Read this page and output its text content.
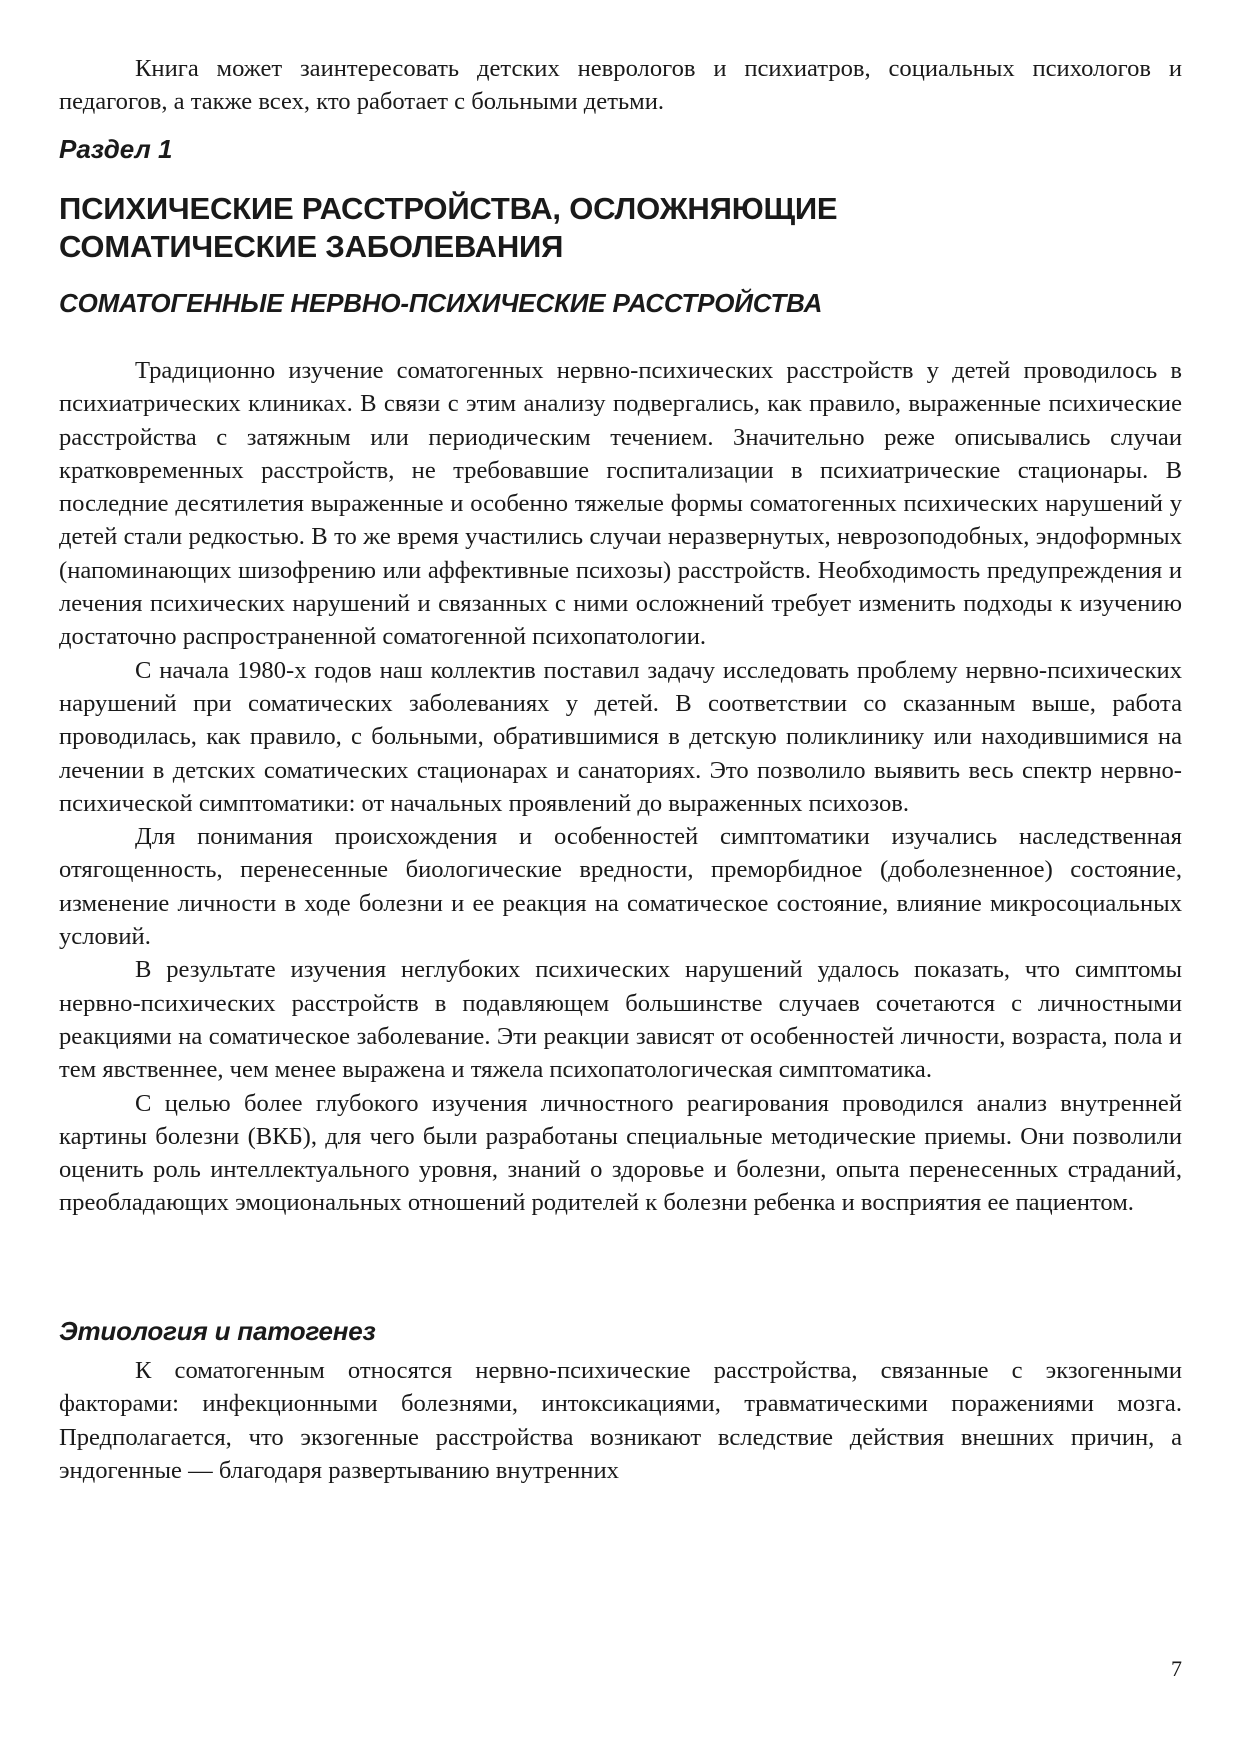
Книга может заинтересовать детских неврологов и психиатров, социальных психологов и педагогов, а также всех, кто работает с больными детьми.

Раздел 1

ПСИХИЧЕСКИЕ РАССТРОЙСТВА, ОСЛОЖНЯЮЩИЕ

СОМАТИЧЕСКИЕ ЗАБОЛЕВАНИЯ

СОМАТОГЕННЫЕ НЕРВНО-ПСИХИЧЕСКИЕ РАССТРОЙСТВА

Традиционно изучение соматогенных нервно-психических расстройств у детей проводилось в психиатрических клиниках. В связи с этим анализу подвергались, как правило, выраженные психические расстройства с затяжным или периодическим течением. Значительно реже описывались случаи кратковременных расстройств, не требовавшие госпитализации в психиатрические стационары. В последние десятилетия выраженные и особенно тяжелые формы соматогенных психических нарушений у детей стали редкостью. В то же время участились случаи неразвернутых, неврозоподобных, эндоформных (напоминающих шизофрению или аффективные психозы) расстройств. Необходимость предупреждения и лечения психических нарушений и связанных с ними осложнений требует изменить подходы к изучению достаточно распространенной соматогенной психопатологии.

С начала 1980-х годов наш коллектив поставил задачу исследовать проблему нервно-психических нарушений при соматических заболеваниях у детей. В соответствии со сказанным выше, работа проводилась, как правило, с больными, обратившимися в детскую поликлинику или находившимися на лечении в детских соматических стационарах и санаториях. Это позволило выявить весь спектр нервно-психической симптоматики: от начальных проявлений до выраженных психозов.

Для понимания происхождения и особенностей симптоматики изучались наследственная отягощенность, перенесенные биологические вредности, преморбидное (доболезненное) состояние, изменение личности в ходе болезни и ее реакция на соматическое состояние, влияние микросоциальных условий.

В результате изучения неглубоких психических нарушений удалось показать, что симптомы нервно-психических расстройств в подавляющем большинстве случаев сочетаются с личностными реакциями на соматическое заболевание. Эти реакции зависят от особенностей личности, возраста, пола и тем явственнее, чем менее выражена и тяжела психопатологическая симптоматика.

С целью более глубокого изучения личностного реагирования проводился анализ внутренней картины болезни (ВКБ), для чего были разработаны специальные методические приемы. Они позволили оценить роль интеллектуального уровня, знаний о здоровье и болезни, опыта перенесенных страданий, преобладающих эмоциональных отношений родителей к болезни ребенка и восприятия ее пациентом.

Этиология и патогенез

К соматогенным относятся нервно-психические расстройства, связанные с экзогенными факторами: инфекционными болезнями, интоксикациями, травматическими поражениями мозга. Предполагается, что экзогенные расстройства возникают вследствие действия внешних причин, а эндогенные — благодаря развертыванию внутренних

7
